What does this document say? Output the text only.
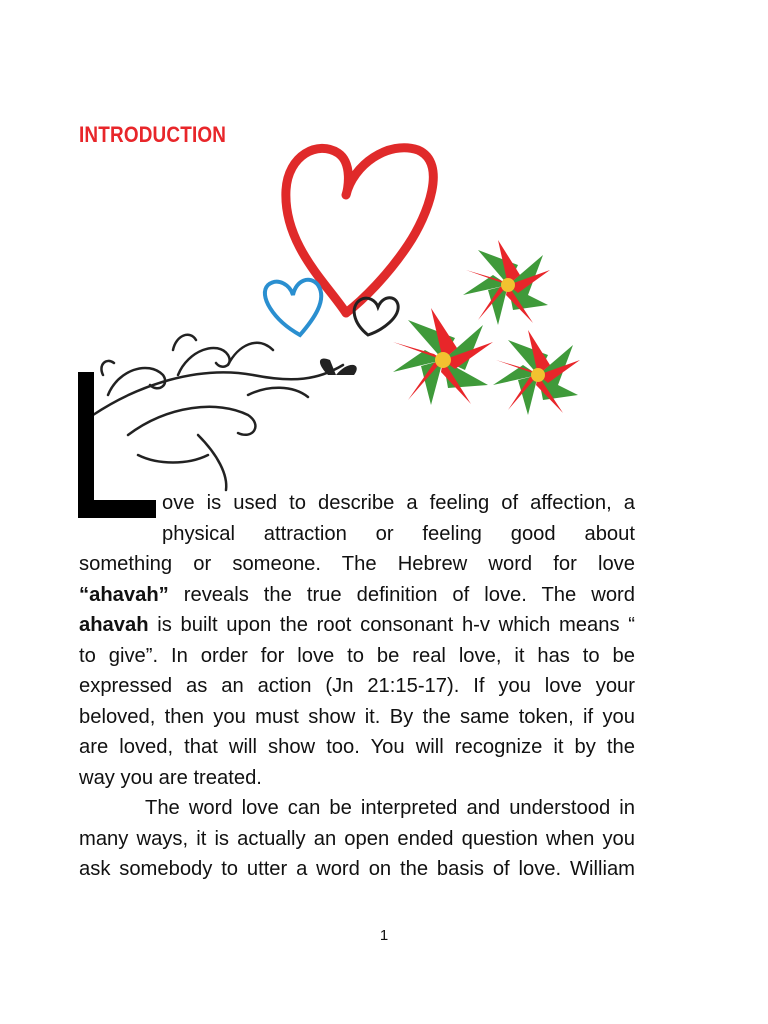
INTRODUCTION
ove is used to describe a feeling of affection, a
physical attraction or feeling good about
something or someone. The Hebrew word for love
“ahavah” reveals the true definition of love. The word
ahavah is built upon the root consonant h-v which means “
to give”. In order for love to be real love, it has to be
expressed as an action (Jn 21:15-17). If you love your
beloved, then you must show it. By the same token, if you
are loved, that will show too. You will recognize it by the
way you are treated.
The word love can be interpreted and understood in
many ways, it is actually an open ended question when you
ask somebody to utter a word on the basis of love. William
1
